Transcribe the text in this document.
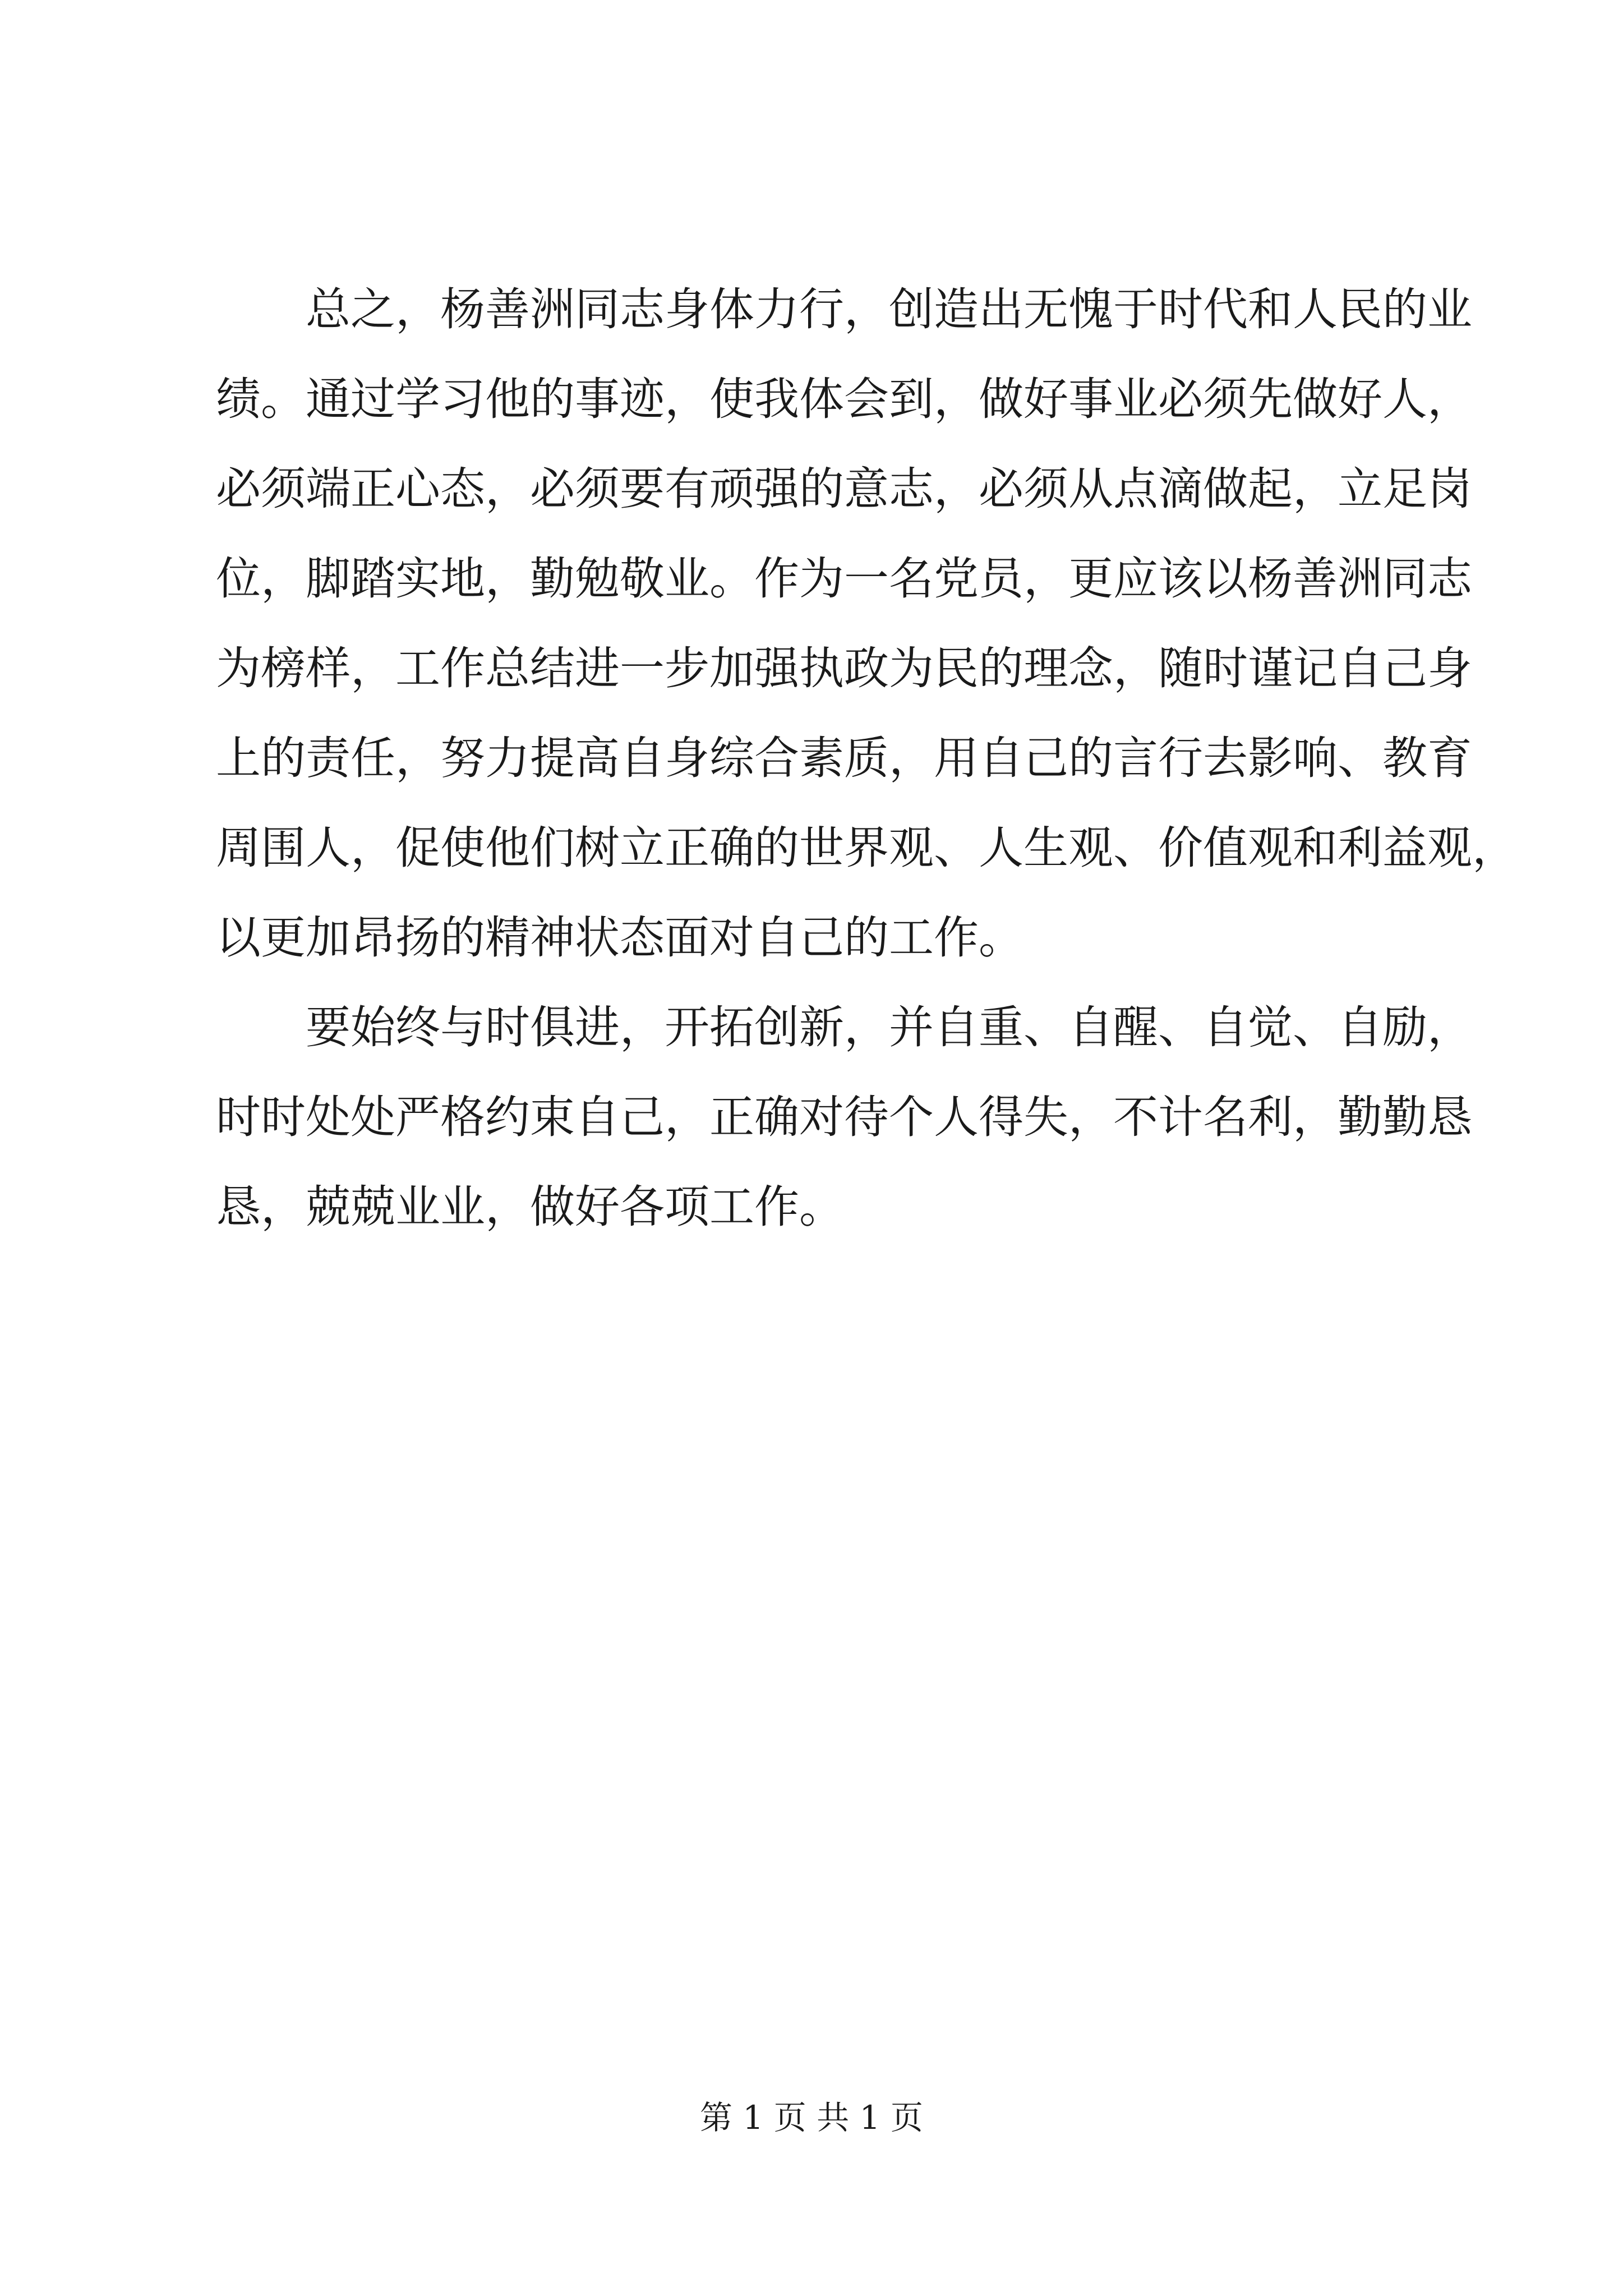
总之，杨善洲同志身体力行，创造出无愧于时代和人民的业
绩。通过学习他的事迹，使我体会到，做好事业必须先做好人，
必须端正心态，必须要有顽强的意志，必须从点滴做起，立足岗
位，脚踏实地，勤勉敬业。作为一名党员，更应该以杨善洲同志
为榜样，工作总结进一步加强执政为民的理念，随时谨记自己身
上的责任，努力提高自身综合素质，用自己的言行去影响、教育
周围人，促使他们树立正确的世界观、人生观、价值观和利益观，
以更加昂扬的精神状态面对自己的工作。
要始终与时俱进，开拓创新，并自重、自醒、自觉、自励，
时时处处严格约束自己，正确对待个人得失，不计名利，勤勤恳
恳，兢兢业业，做好各项工作。
第 1 页 共 1 页
